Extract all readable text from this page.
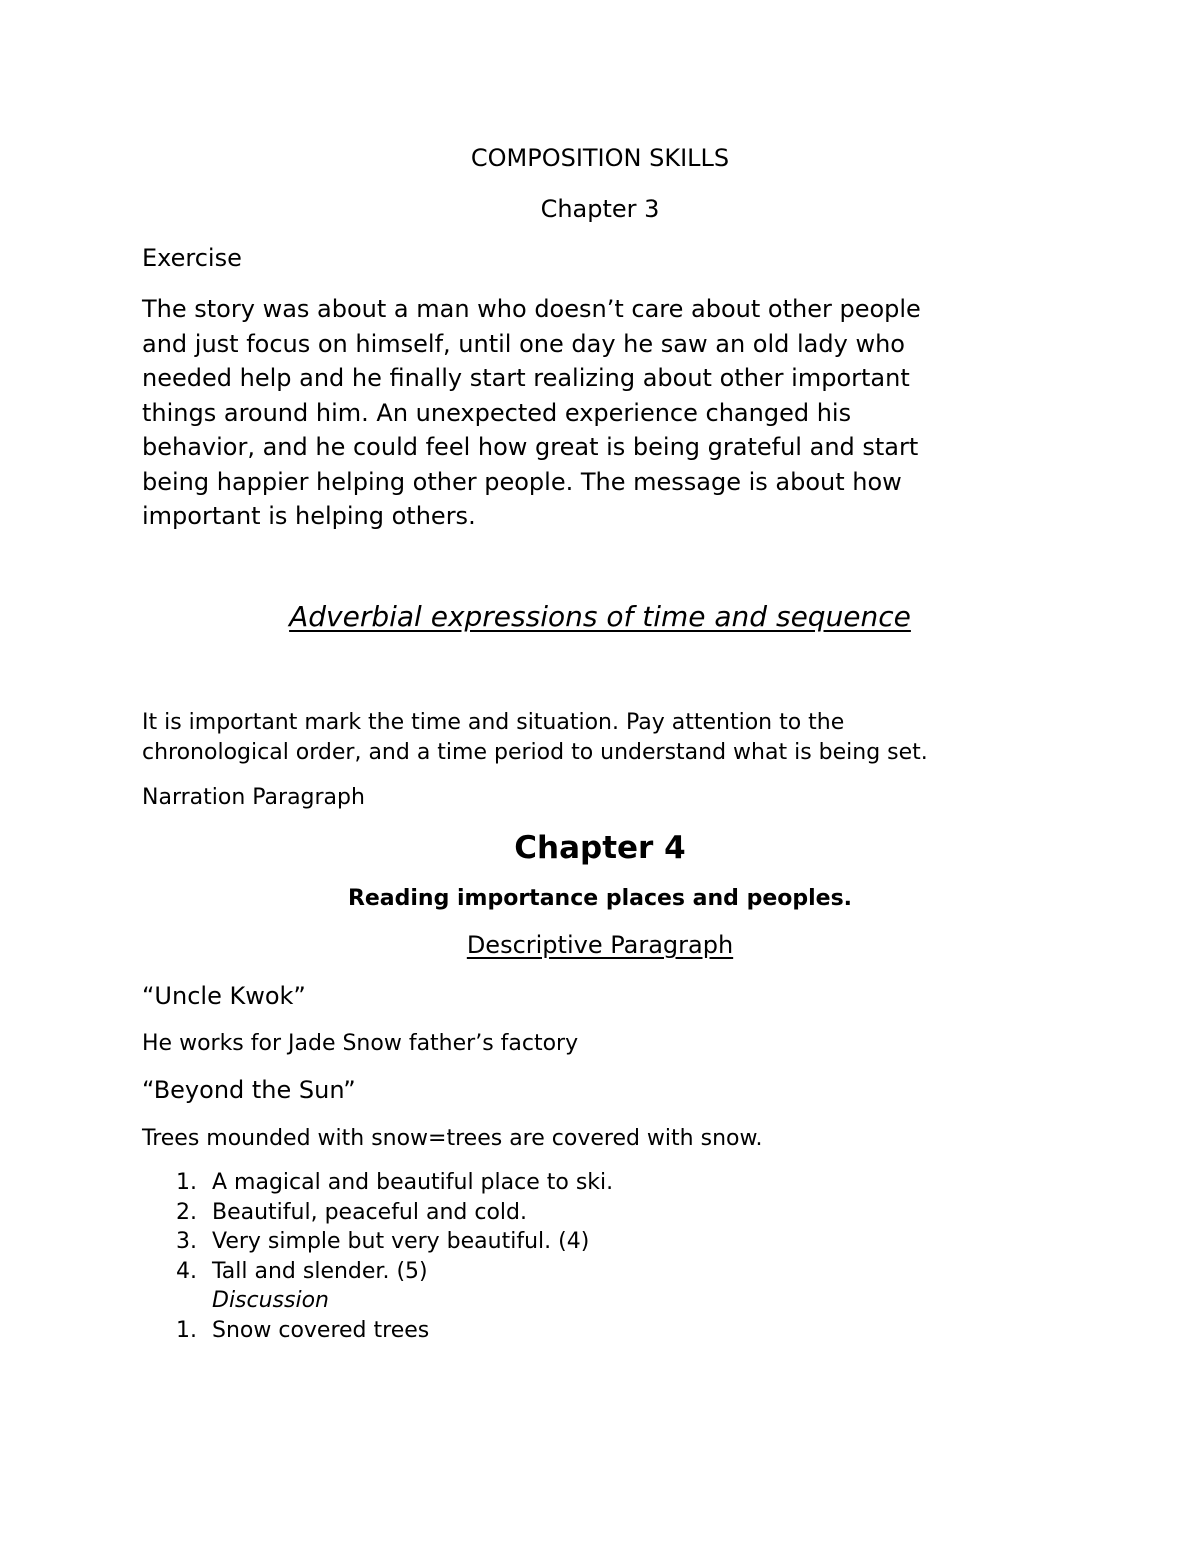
COMPOSITION SKILLS

Chapter 3

Exercise

The story was about a man who doesn’t care about other people
and just focus on himself, until one day he saw an old lady who
needed help and he finally start realizing about other important
things around him. An unexpected experience changed his
behavior, and he could feel how great is being grateful and start
being happier helping other people. The message is about how
important is helping others.

Adverbial expressions of time and sequence

It is important mark the time and situation. Pay attention to the
chronological order, and a time period to understand what is being set.

Narration Paragraph

Chapter 4

Reading importance places and peoples.

Descriptive Paragraph

“Uncle Kwok”

He works for Jade Snow father’s factory

“Beyond the Sun”

Trees mounded with snow=trees are covered with snow.

1. A magical and beautiful place to ski.
2. Beautiful, peaceful and cold.
3. Very simple but very beautiful. (4)
4. Tall and slender. (5)
Discussion
1. Snow covered trees
